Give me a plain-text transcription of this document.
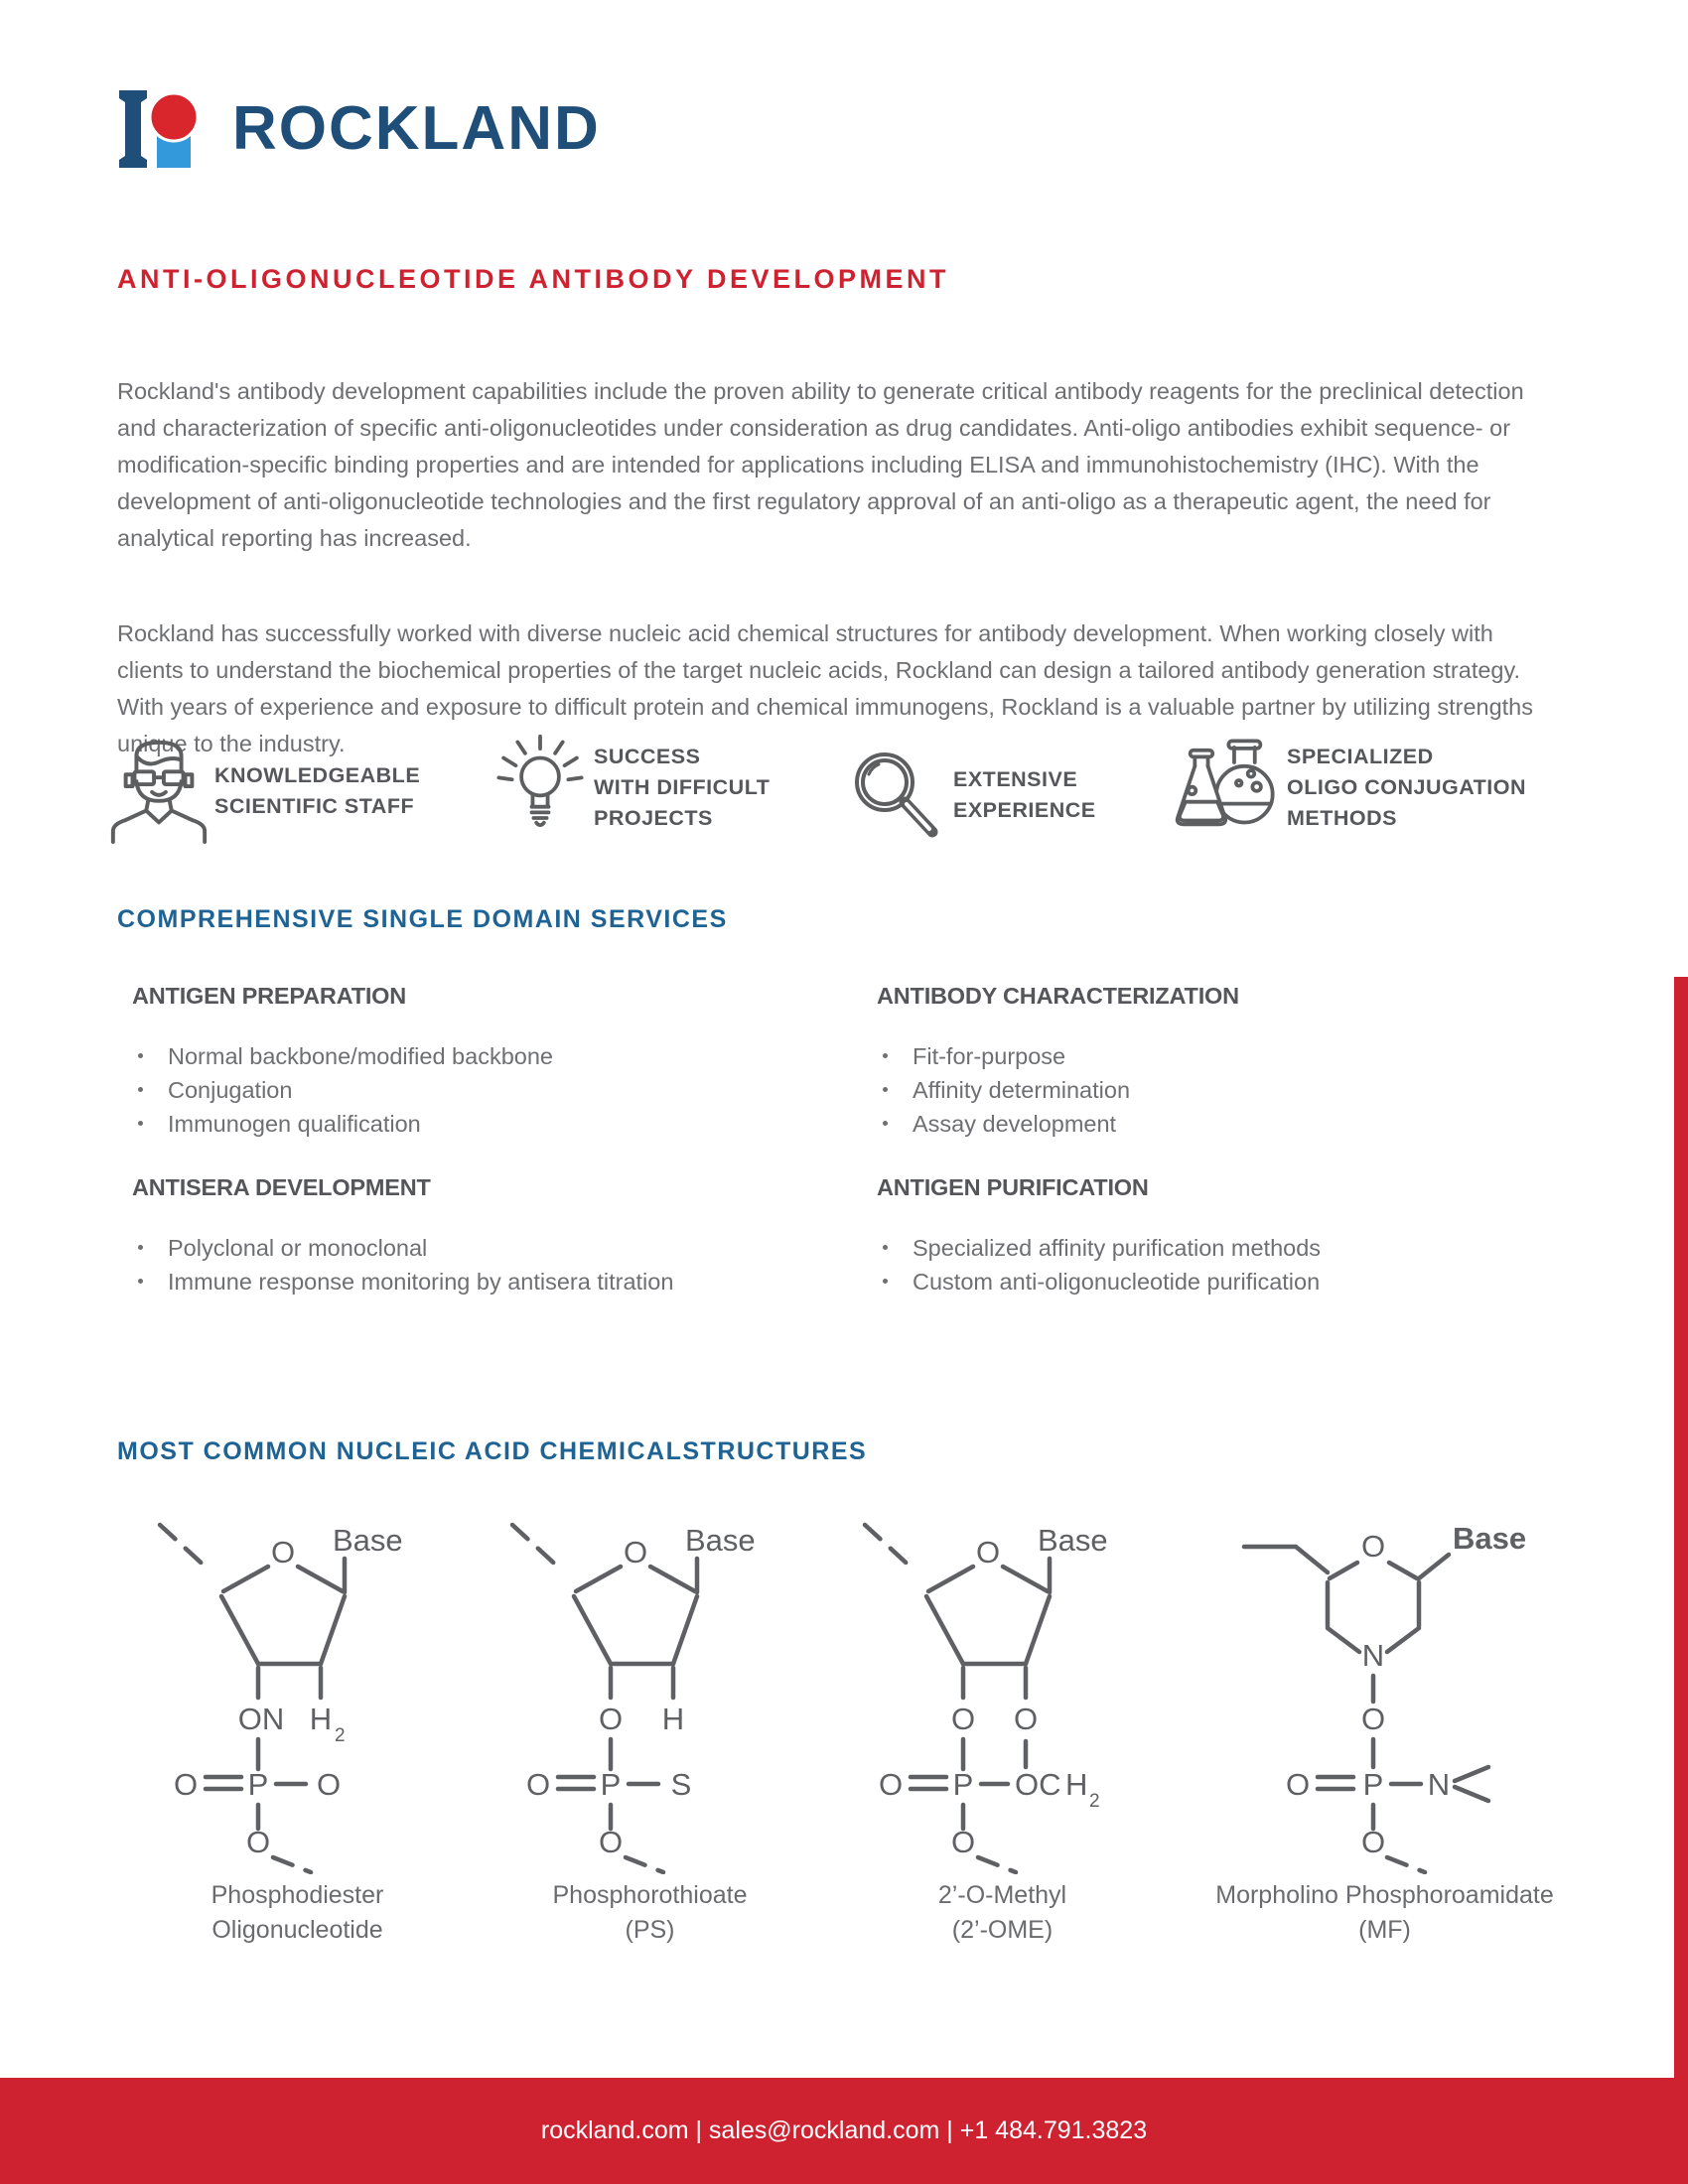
ROCKLAND
ANTI-OLIGONUCLEOTIDE ANTIBODY DEVELOPMENT

Rockland's antibody development capabilities include the proven ability to generate critical antibody reagents for the preclinical detection and characterization of specific anti-oligonucleotides under consideration as drug candidates. Anti-oligo antibodies exhibit sequence- or modification-specific binding properties and are intended for applications including ELISA and immunohistochemistry (IHC). With the development of anti-oligonucleotide technologies and the first regulatory approval of an anti-oligo as a therapeutic agent, the need for analytical reporting has increased.

Rockland has successfully worked with diverse nucleic acid chemical structures for antibody development. When working closely with clients to understand the biochemical properties of the target nucleic acids, Rockland can design a tailored antibody generation strategy. With years of experience and exposure to difficult protein and chemical immunogens, Rockland is a valuable partner by utilizing strengths unique to the industry.

KNOWLEDGEABLE
SCIENTIFIC STAFF
SUCCESS
WITH DIFFICULT
PROJECTS
EXTENSIVE
EXPERIENCE
SPECIALIZED
OLIGO CONJUGATION
METHODS
COMPREHENSIVE SINGLE DOMAIN SERVICES
ANTIGEN PREPARATION
Normal backbone/modified backbone
Conjugation
Immunogen qualification
ANTIBODY CHARACTERIZATION
Fit-for-purpose
Affinity determination
Assay development
ANTISERA DEVELOPMENT
Polyclonal or monoclonal
Immune response monitoring by antisera titration
ANTIGEN PURIFICATION
Specialized affinity purification methods
Custom anti-oligonucleotide purification
MOST COMMON NUCLEIC ACID CHEMICALSTRUCTURES
O Base
ON H 2
O P O
O
Phosphodiester
Oligonucleotide
O Base
O H
O P S
O
Phosphorothioate
(PS)
O Base
O O
O P OC H 2
O
2’-O-Methyl
(2’-OME)
O
N
Base
O
O P N
O
Morpholino Phosphoroamidate
(MF)
rockland.com | sales@rockland.com | +1 484.791.3823
